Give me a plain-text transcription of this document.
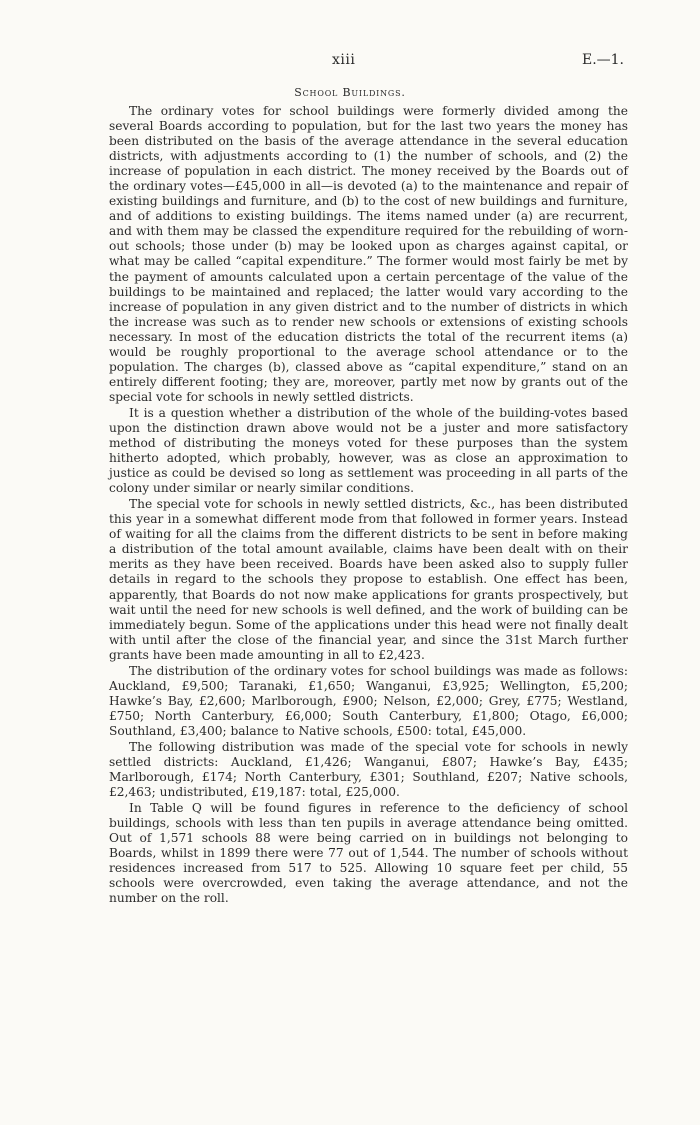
xiii	E.—1.
School Buildings.

The ordinary votes for school buildings were formerly divided among the several Boards according to population, but for the last two years the money has been distributed on the basis of the average attendance in the several education districts, with adjustments according to (1) the number of schools, and (2) the increase of population in each district. The money received by the Boards out of the ordinary votes—£45,000 in all—is devoted (a) to the maintenance and repair of existing buildings and furniture, and (b) to the cost of new buildings and furniture, and of additions to existing buildings. The items named under (a) are recurrent, and with them may be classed the expenditure required for the rebuilding of worn-out schools; those under (b) may be looked upon as charges against capital, or what may be called “capital expenditure.” The former would most fairly be met by the payment of amounts calculated upon a certain percentage of the value of the buildings to be maintained and replaced; the latter would vary according to the increase of population in any given district and to the number of districts in which the increase was such as to render new schools or extensions of existing schools necessary. In most of the education districts the total of the recurrent items (a) would be roughly proportional to the average school attendance or to the population. The charges (b), classed above as “capital expenditure,” stand on an entirely different footing; they are, moreover, partly met now by grants out of the special vote for schools in newly settled districts.

It is a question whether a distribution of the whole of the building-votes based upon the distinction drawn above would not be a juster and more satisfactory method of distributing the moneys voted for these purposes than the system hitherto adopted, which probably, however, was as close an approximation to justice as could be devised so long as settlement was proceeding in all parts of the colony under similar or nearly similar conditions.

The special vote for schools in newly settled districts, &c., has been distributed this year in a somewhat different mode from that followed in former years. Instead of waiting for all the claims from the different districts to be sent in before making a distribution of the total amount available, claims have been dealt with on their merits as they have been received. Boards have been asked also to supply fuller details in regard to the schools they propose to establish. One effect has been, apparently, that Boards do not now make applications for grants prospectively, but wait until the need for new schools is well defined, and the work of building can be immediately begun. Some of the applications under this head were not finally dealt with until after the close of the financial year, and since the 31st March further grants have been made amounting in all to £2,423.

The distribution of the ordinary votes for school buildings was made as follows: Auckland, £9,500; Taranaki, £1,650; Wanganui, £3,925; Wellington, £5,200; Hawke’s Bay, £2,600; Marlborough, £900; Nelson, £2,000; Grey, £775; Westland, £750; North Canterbury, £6,000; South Canterbury, £1,800; Otago, £6,000; Southland, £3,400; balance to Native schools, £500: total, £45,000.

The following distribution was made of the special vote for schools in newly settled districts: Auckland, £1,426; Wanganui, £807; Hawke’s Bay, £435; Marlborough, £174; North Canterbury, £301; Southland, £207; Native schools, £2,463; undistributed, £19,187: total, £25,000.

In Table Q will be found figures in reference to the deficiency of school buildings, schools with less than ten pupils in average attendance being omitted. Out of 1,571 schools 88 were being carried on in buildings not belonging to Boards, whilst in 1899 there were 77 out of 1,544. The number of schools without residences increased from 517 to 525. Allowing 10 square feet per child, 55 schools were overcrowded, even taking the average attendance, and not the number on the roll.
